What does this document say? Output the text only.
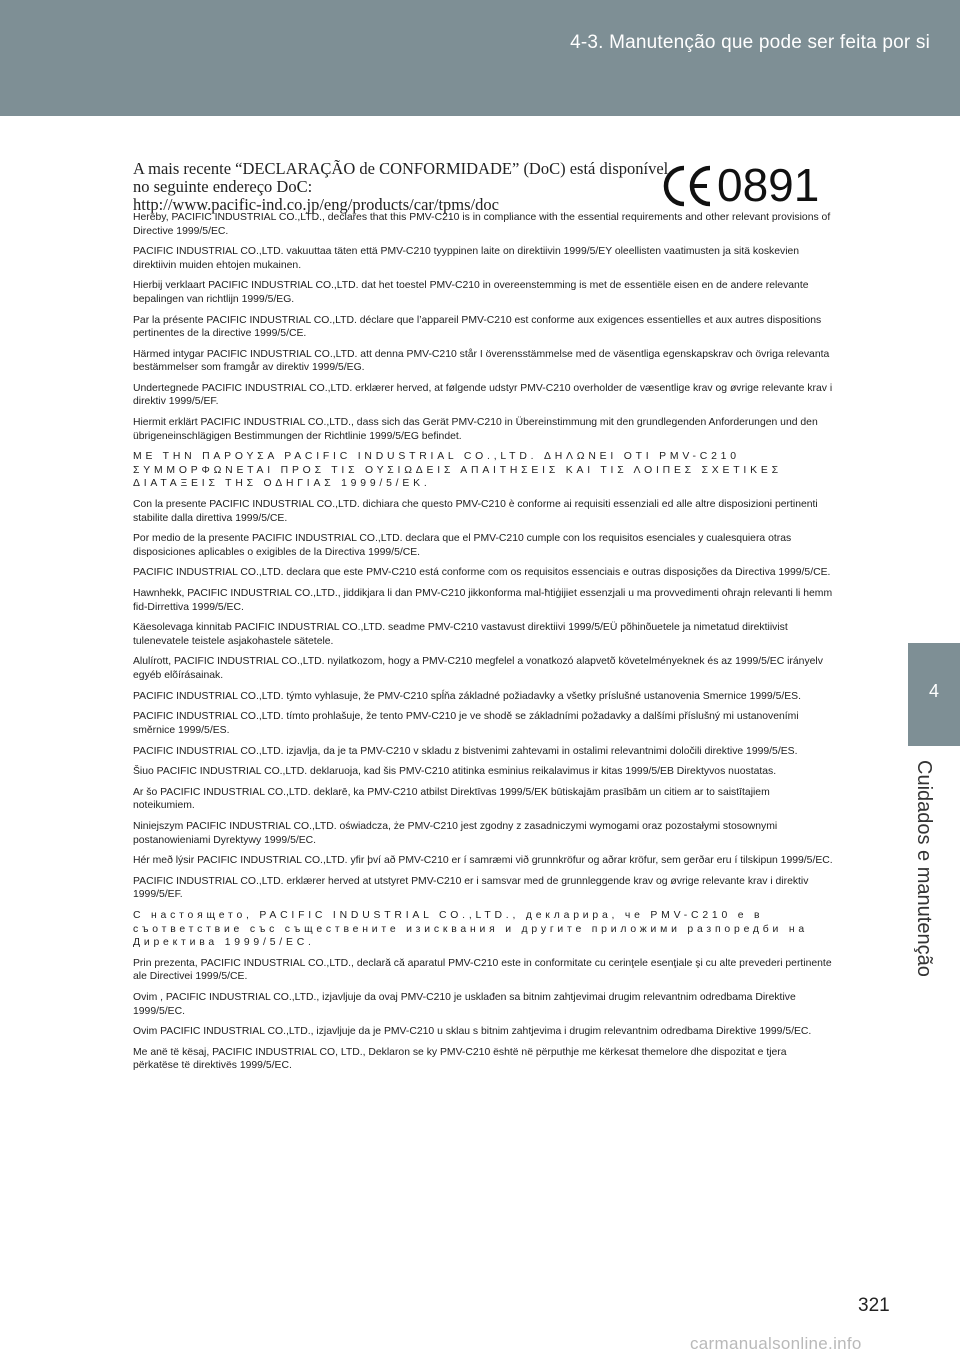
4-3. Manutenção que pode ser feita por si
4
Cuidados e manutenção
A mais recente “DECLARAÇÃO de CONFORMIDADE” (DoC) está disponível
no seguinte endereço DoC:
http://www.pacific-ind.co.jp/eng/products/car/tpms/doc	0891

Hereby, PACIFIC INDUSTRIAL CO.,LTD., declares that this PMV-C210 is in compliance with the essential requirements and other relevant provisions of Directive 1999/5/EC.

PACIFIC INDUSTRIAL CO.,LTD. vakuuttaa täten että PMV-C210 tyyppinen laite on direktiivin 1999/5/EY oleellisten vaatimusten ja sitä koskevien direktiivin muiden ehtojen mukainen.

Hierbij verklaart PACIFIC INDUSTRIAL CO.,LTD. dat het toestel PMV-C210 in overeenstemming is met de essentiële eisen en de andere relevante bepalingen van richtlijn 1999/5/EG.

Par la présente PACIFIC INDUSTRIAL CO.,LTD. déclare que l’appareil PMV-C210 est conforme aux exigences essentielles et aux autres dispositions pertinentes de la directive 1999/5/CE.

Härmed intygar PACIFIC INDUSTRIAL CO.,LTD. att denna PMV-C210 står I överensstämmelse med de väsentliga egenskapskrav och övriga relevanta bestämmelser som framgår av direktiv 1999/5/EG.

Undertegnede PACIFIC INDUSTRIAL CO.,LTD. erklærer herved, at følgende udstyr PMV-C210 overholder de væsentlige krav og øvrige relevante krav i direktiv 1999/5/EF.

Hiermit erklärt PACIFIC INDUSTRIAL CO.,LTD., dass sich das Gerät PMV-C210 in Übereinstimmung mit den grundlegenden Anforderungen und den übrigeneinschlägigen Bestimmungen der Richtlinie 1999/5/EG befindet.

ΜΕ ΤΗΝ ΠΑΡΟΥΣΑ PACIFIC INDUSTRIAL CO.,LTD. ΔΗΛΩΝΕΙ ΟΤΙ PMV-C210 ΣΥΜΜΟΡΦΩΝΕΤΑΙ ΠΡΟΣ ΤΙΣ ΟΥΣΙΩΔΕΙΣ ΑΠΑΙΤΗΣΕΙΣ ΚΑΙ ΤΙΣ ΛΟΙΠΕΣ ΣΧΕΤΙΚΕΣ ΔΙΑΤΑΞΕΙΣ ΤΗΣ ΟΔΗΓΙΑΣ 1999/5/ΕΚ.

Con la presente PACIFIC INDUSTRIAL CO.,LTD. dichiara che questo PMV-C210 è conforme ai requisiti essenziali ed alle altre disposizioni pertinenti stabilite dalla direttiva 1999/5/CE.

Por medio de la presente PACIFIC INDUSTRIAL CO.,LTD. declara que el PMV-C210 cumple con los requisitos esenciales y cualesquiera otras disposiciones aplicables o exigibles de la Directiva 1999/5/CE.

PACIFIC INDUSTRIAL CO.,LTD. declara que este PMV-C210 está conforme com os requisitos essenciais e outras disposições da Directiva 1999/5/CE.

Hawnhekk, PACIFIC INDUSTRIAL CO.,LTD., jiddikjara li dan PMV-C210 jikkonforma mal-ħtiġijiet essenzjali u ma provvedimenti oħrajn relevanti li hemm fid-Dirrettiva 1999/5/EC.

Käesolevaga kinnitab PACIFIC INDUSTRIAL CO.,LTD. seadme PMV-C210 vastavust direktiivi 1999/5/EÜ põhinõuetele ja nimetatud direktiivist tulenevatele teistele asjakohastele sätetele.

Alulírott, PACIFIC INDUSTRIAL CO.,LTD. nyilatkozom, hogy a PMV-C210 megfelel a vonatkozó alapvetõ követelményeknek és az 1999/5/EC irányelv egyéb elõírásainak.

PACIFIC INDUSTRIAL CO.,LTD. týmto vyhlasuje, že PMV-C210 spĺňa základné požiadavky a všetky príslušné ustanovenia Smernice 1999/5/ES.

PACIFIC INDUSTRIAL CO.,LTD. tímto prohlašuje, že tento PMV-C210 je ve shodě se základními požadavky a dalšími příslušný mi ustanoveními směrnice 1999/5/ES.

PACIFIC INDUSTRIAL CO.,LTD. izjavlja, da je ta PMV-C210 v skladu z bistvenimi zahtevami in ostalimi relevantnimi določili direktive 1999/5/ES.

Šiuo PACIFIC INDUSTRIAL CO.,LTD. deklaruoja, kad šis PMV-C210 atitinka esminius reikalavimus ir kitas 1999/5/EB Direktyvos nuostatas.

Ar šo PACIFIC INDUSTRIAL CO.,LTD. deklarē, ka PMV-C210 atbilst Direktīvas 1999/5/EK būtiskajām prasībām un citiem ar to saistītajiem noteikumiem.

Niniejszym PACIFIC INDUSTRIAL CO.,LTD. oświadcza, że PMV-C210 jest zgodny z zasadniczymi wymogami oraz pozostałymi stosownymi postanowieniami Dyrektywy 1999/5/EC.

Hér með lýsir PACIFIC INDUSTRIAL CO.,LTD. yfir því að PMV-C210 er í samræmi við grunnkröfur og aðrar kröfur, sem gerðar eru í tilskipun 1999/5/EC.

PACIFIC INDUSTRIAL CO.,LTD. erklærer herved at utstyret PMV-C210 er i samsvar med de grunnleggende krav og øvrige relevante krav i direktiv 1999/5/EF.

С настоящето, PACIFIC INDUSTRIAL CO.,LTD., декларира, че PMV-C210 е в съответствие със съществените изисквания и другите приложими разпоредби на Директива 1999/5/ЕС.

Prin prezenta, PACIFIC INDUSTRIAL CO.,LTD., declară că aparatul PMV-C210 este in conformitate cu cerinţele esenţiale şi cu alte prevederi pertinente ale Directivei 1999/5/CE.

Ovim , PACIFIC INDUSTRIAL CO.,LTD., izjavljuje da ovaj PMV-C210 je usklađen sa bitnim zahtjevimai drugim relevantnim odredbama Direktive 1999/5/EC.

Ovim PACIFIC INDUSTRIAL CO.,LTD., izjavljuje da je PMV-C210 u sklau s bitnim zahtjevima i drugim relevantnim odredbama Direktive 1999/5/EC.

Me anë të kësaj, PACIFIC INDUSTRIAL CO, LTD., Deklaron se ky PMV-C210 është në përputhje me kërkesat themelore dhe dispozitat e tjera përkatëse të direktivës 1999/5/EC.

321
carmanualsonline.info
